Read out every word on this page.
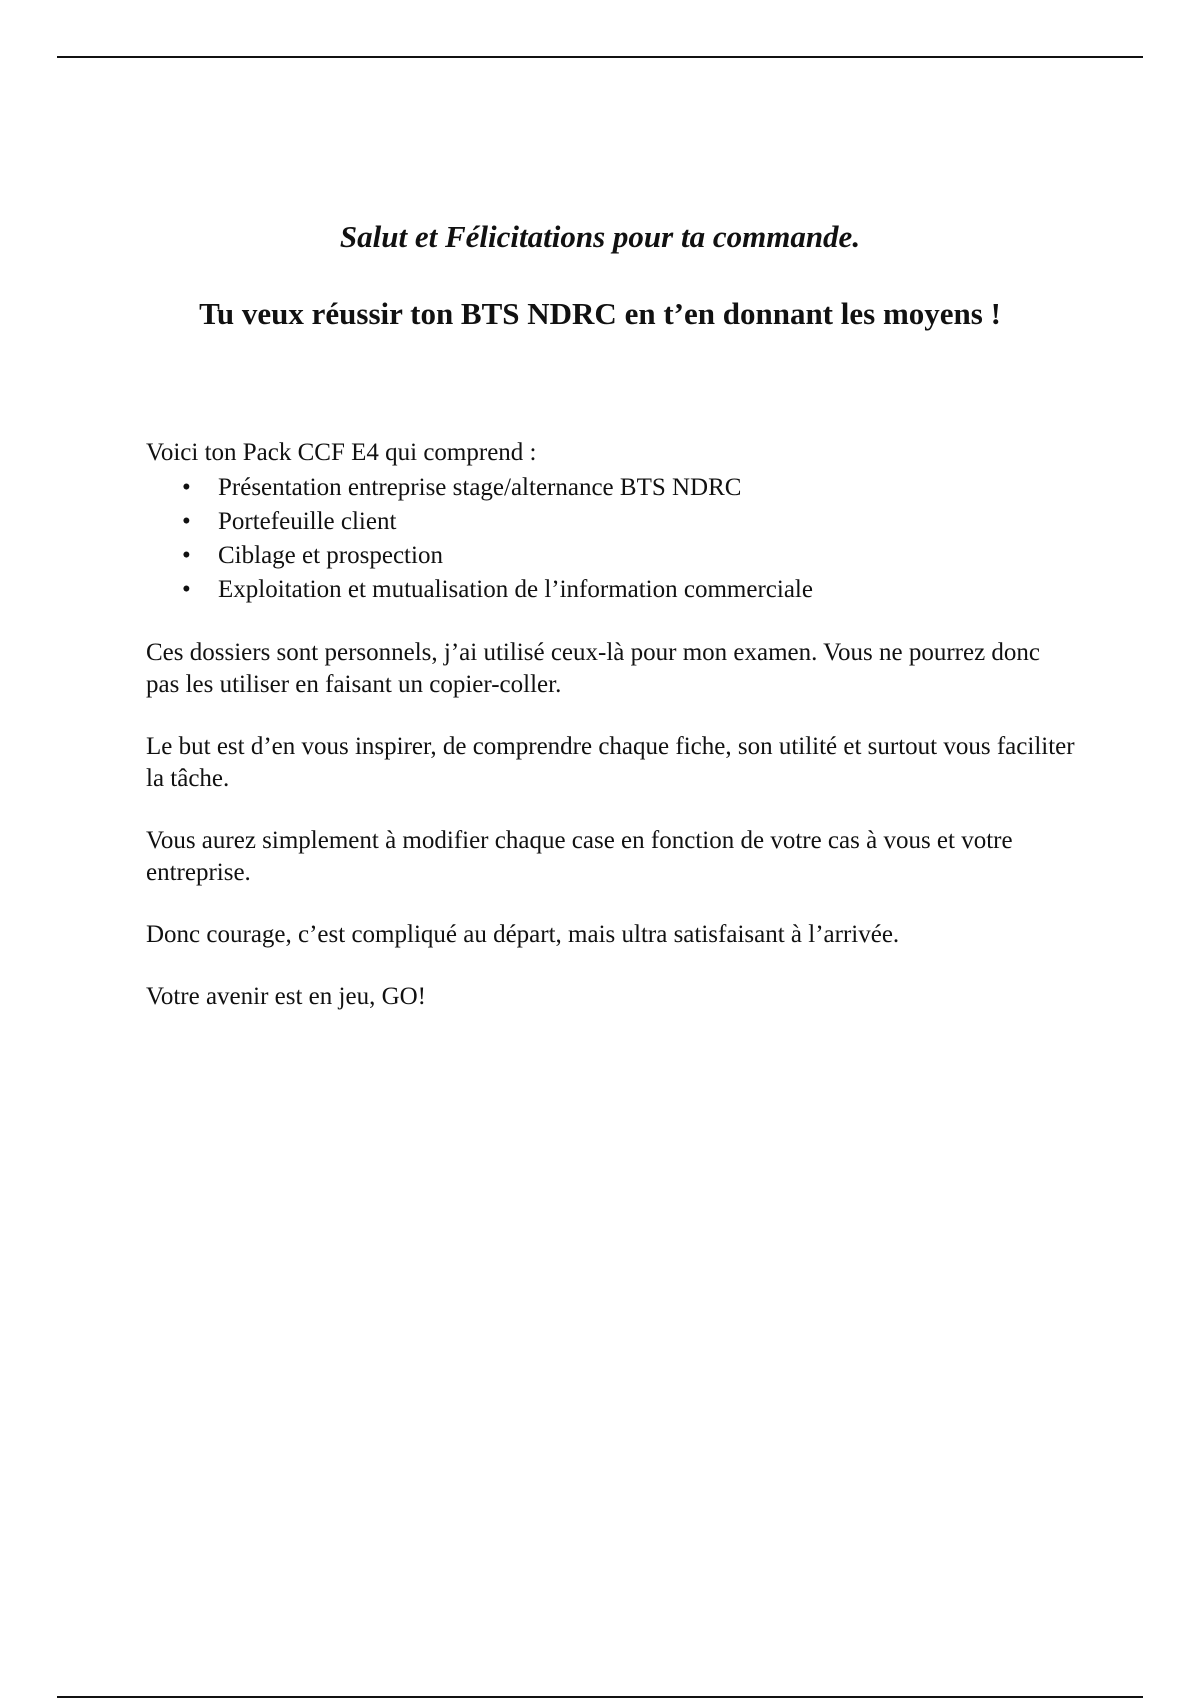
Salut et Félicitations pour ta commande.
Tu veux réussir ton BTS NDRC en t’en donnant les moyens !

Voici ton Pack CCF E4 qui comprend :

• Présentation entreprise stage/alternance BTS NDRC
• Portefeuille client
• Ciblage et prospection
• Exploitation et mutualisation de l’information commerciale

Ces dossiers sont personnels, j’ai utilisé ceux-là pour mon examen. Vous ne pourrez donc pas les utiliser en faisant un copier-coller.

Le but est d’en vous inspirer, de comprendre chaque fiche, son utilité et surtout vous faciliter la tâche.

Vous aurez simplement à modifier chaque case en fonction de votre cas à vous et votre entreprise.

Donc courage, c’est compliqué au départ, mais ultra satisfaisant à l’arrivée.

Votre avenir est en jeu, GO!
